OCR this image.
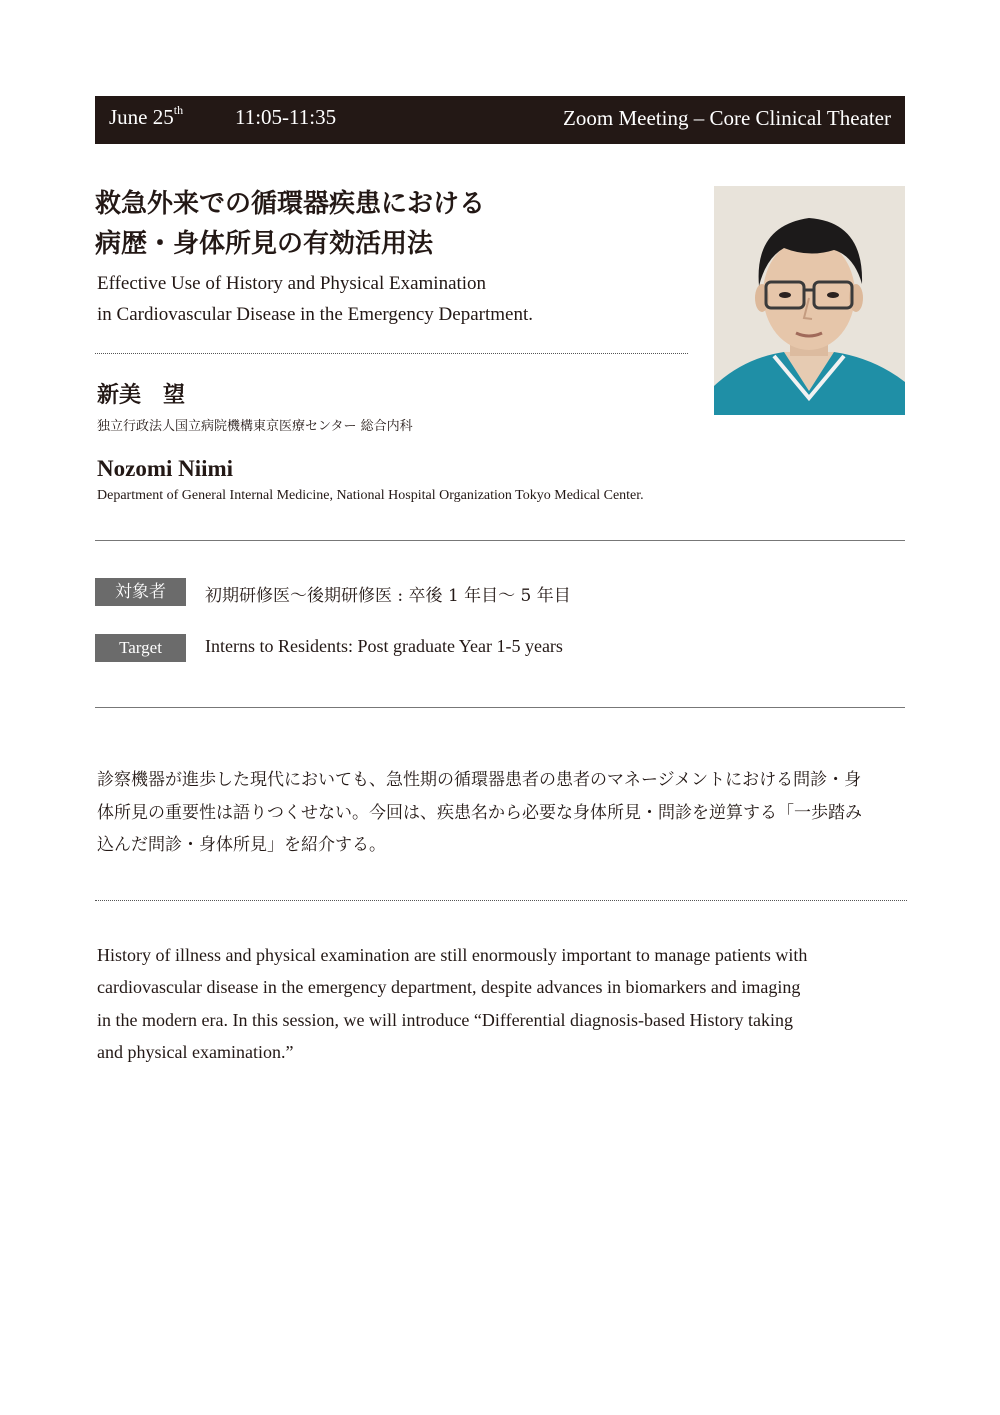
June 25th 11:05-11:35	Zoom Meeting – Core Clinical Theater
救急外来での循環器疾患における
病歴・身体所見の有効活用法
Effective Use of History and Physical Examination
in Cardiovascular Disease in the Emergency Department.
新美　望
独立行政法人国立病院機構東京医療センター 総合内科
Nozomi Niimi
Department of General Internal Medicine, National Hospital Organization Tokyo Medical Center.
対象者	初期研修医～後期研修医 : 卒後 1 年目～ 5 年目
Target	Interns to Residents: Post graduate Year 1-5 years
診察機器が進歩した現代においても、急性期の循環器患者の患者のマネージメントにおける問診・身
体所見の重要性は語りつくせない。今回は、疾患名から必要な身体所見・問診を逆算する「一歩踏み
込んだ問診・身体所見」を紹介する。
History of illness and physical examination are still enormously important to manage patients with
cardiovascular disease in the emergency department, despite advances in biomarkers and imaging
in the modern era. In this session, we will introduce “Differential diagnosis-based History taking
and physical examination.”
